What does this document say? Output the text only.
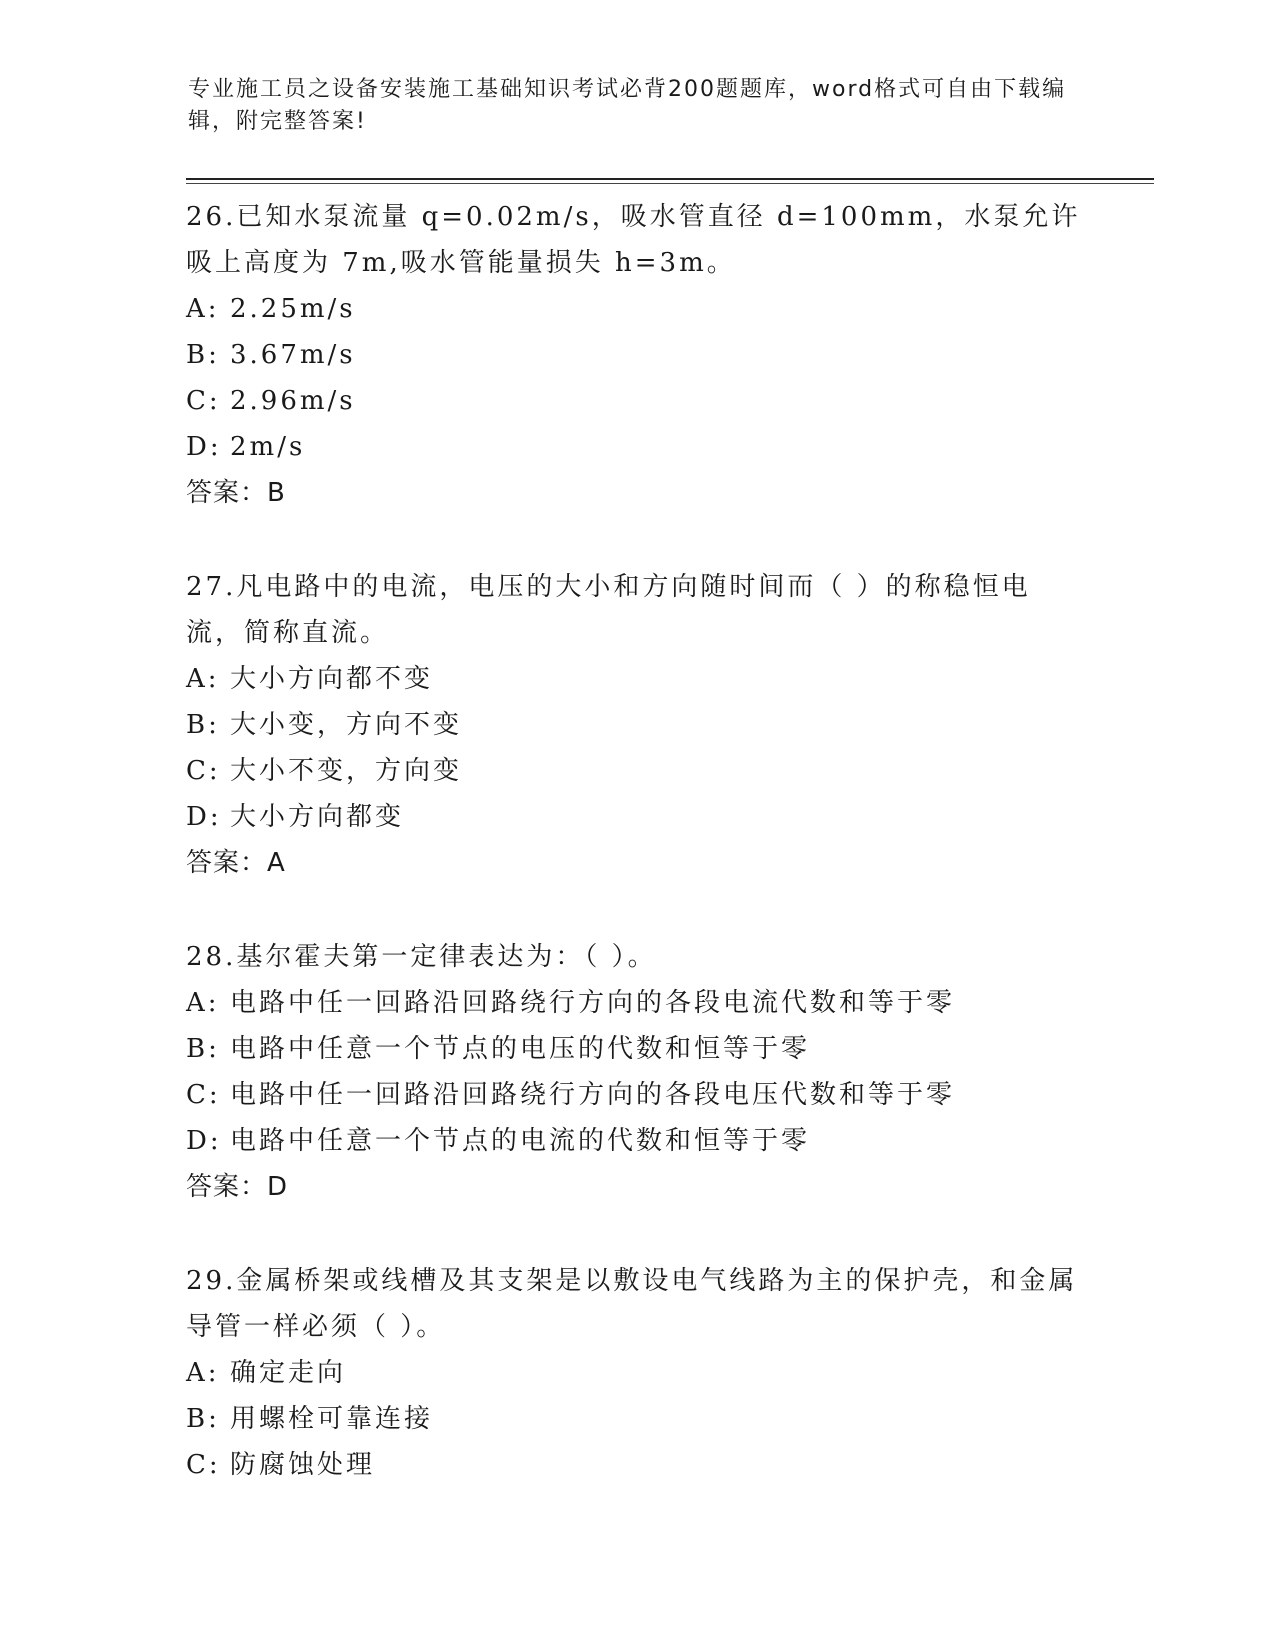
专业施工员之设备安装施工基础知识考试必背200题题库，word格式可自由下载编辑，附完整答案!
26.已知水泵流量 q=0.02m/s，吸水管直径 d=100mm，水泵允许吸上高度为 7m,吸水管能量损失 h=3m。
A: 2.25m/s
B: 3.67m/s
C: 2.96m/s
D: 2m/s
答案：B
27.凡电路中的电流，电压的大小和方向随时间而（ ）的称稳恒电流，简称直流。
A: 大小方向都不变
B: 大小变，方向不变
C: 大小不变，方向变
D: 大小方向都变
答案：A
28.基尔霍夫第一定律表达为：（ ）。
A: 电路中任一回路沿回路绕行方向的各段电流代数和等于零
B: 电路中任意一个节点的电压的代数和恒等于零
C: 电路中任一回路沿回路绕行方向的各段电压代数和等于零
D: 电路中任意一个节点的电流的代数和恒等于零
答案：D
29.金属桥架或线槽及其支架是以敷设电气线路为主的保护壳，和金属导管一样必须（ ）。
A: 确定走向
B: 用螺栓可靠连接
C: 防腐蚀处理
